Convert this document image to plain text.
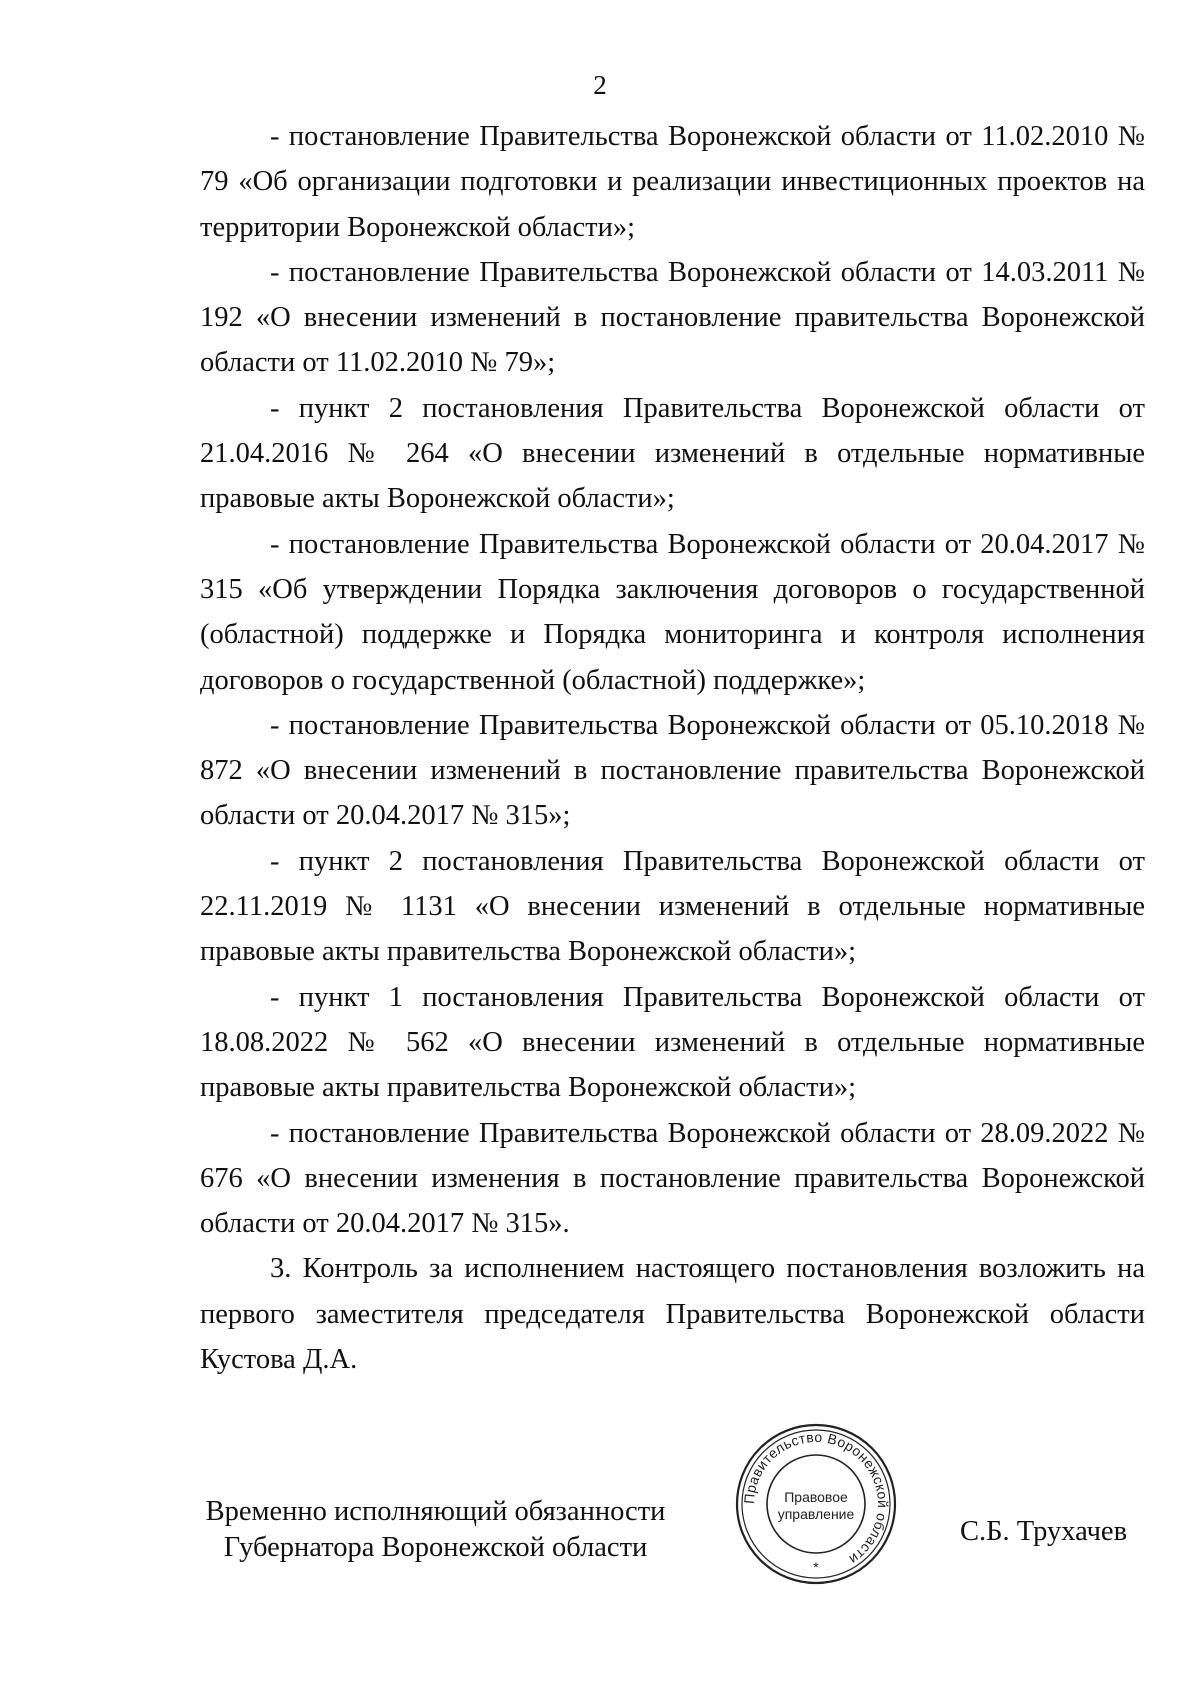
2

- постановление Правительства Воронежской области от 11.02.2010 № 79 «Об организации подготовки и реализации инвестиционных проектов на территории Воронежской области»;

- постановление Правительства Воронежской области от 14.03.2011 № 192 «О внесении изменений в постановление правительства Воронежской области от 11.02.2010 № 79»;

- пункт 2 постановления Правительства Воронежской области от 21.04.2016 № 264 «О внесении изменений в отдельные нормативные правовые акты Воронежской области»;

- постановление Правительства Воронежской области от 20.04.2017 № 315 «Об утверждении Порядка заключения договоров о государственной (областной) поддержке и Порядка мониторинга и контроля исполнения договоров о государственной (областной) поддержке»;

- постановление Правительства Воронежской области от 05.10.2018 № 872 «О внесении изменений в постановление правительства Воронежской области от 20.04.2017 № 315»;

- пункт 2 постановления Правительства Воронежской области от 22.11.2019 № 1131 «О внесении изменений в отдельные нормативные правовые акты правительства Воронежской области»;

- пункт 1 постановления Правительства Воронежской области от 18.08.2022 № 562 «О внесении изменений в отдельные нормативные правовые акты правительства Воронежской области»;

- постановление Правительства Воронежской области от 28.09.2022 № 676 «О внесении изменения в постановление правительства Воронежской области от 20.04.2017 № 315».

3. Контроль за исполнением настоящего постановления возложить на первого заместителя председателя Правительства Воронежской области Кустова Д.А.

Временно исполняющий обязанности
Губернатора Воронежской области
С.Б. Трухачев
Правительство Воронежской области
Правовое
управление
*
